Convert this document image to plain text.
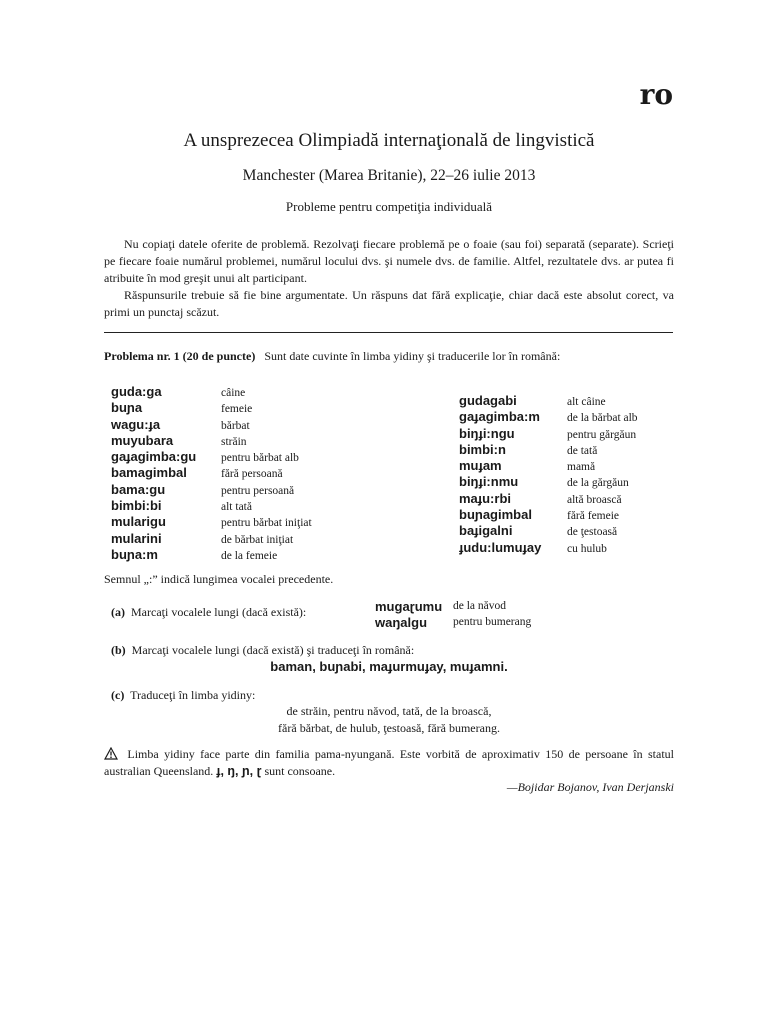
ro
A unsprezecea Olimpiadă internaţională de lingvistică
Manchester (Marea Britanie), 22–26 iulie 2013
Probleme pentru competiţia individuală

Nu copiaţi datele oferite de problemă. Rezolvaţi fiecare problemă pe o foaie (sau foi) separată (separate). Scrieţi pe fiecare foaie numărul problemei, numărul locului dvs. şi numele dvs. de familie. Altfel, rezultatele dvs. ar putea fi atribuite în mod greşit unui alt participant.

Răspunsurile trebuie să fie bine argumentate. Un răspuns dat fără explicaţie, chiar dacă este absolut corect, va primi un punctaj scăzut.

Problema nr. 1 (20 de puncte) Sunt date cuvinte în limba yidiny şi traducerile lor în română:
guda:ga	câine
buɲa	femeie
wagu:ɟa	bărbat
muyubara	străin
gaɟagimba:gu	pentru bărbat alb
bamagimbal	fără persoană
bama:gu	pentru persoană
bimbi:bi	alt tată
mularigu	pentru bărbat iniţiat
mularini	de bărbat iniţiat
buɲa:m	de la femeie
gudagabi	alt câine
gaɟagimba:m	de la bărbat alb
biŋɟi:ngu	pentru gărgăun
bimbi:n	de tată
muɟam	mamă
biŋɟi:nmu	de la gărgăun
maɟu:rbi	altă broască
buɲagimbal	fără femeie
baɟigalni	de ţestoasă
ɟudu:lumuɟay	cu hulub
Semnul „:” indică lungimea vocalei precedente.
(a) Marcaţi vocalele lungi (dacă există):	mugaɽumu	de la năvod
waŋalgu	pentru bumerang
(b) Marcaţi vocalele lungi (dacă există) şi traduceţi în română:
baman, buɲabi, maɟurmuɟay, muɟamni.
(c) Traduceţi în limba yidiny:
de străin, pentru năvod, tată, de la broască,
fără bărbat, de hulub, ţestoasă, fără bumerang.
Limba yidiny face parte din familia pama-nyungană. Este vorbită de aproximativ 150 de persoane în statul australian Queensland. ɟ, ŋ, ɲ, ɽ sunt consoane.
—Bojidar Bojanov, Ivan Derjanski
